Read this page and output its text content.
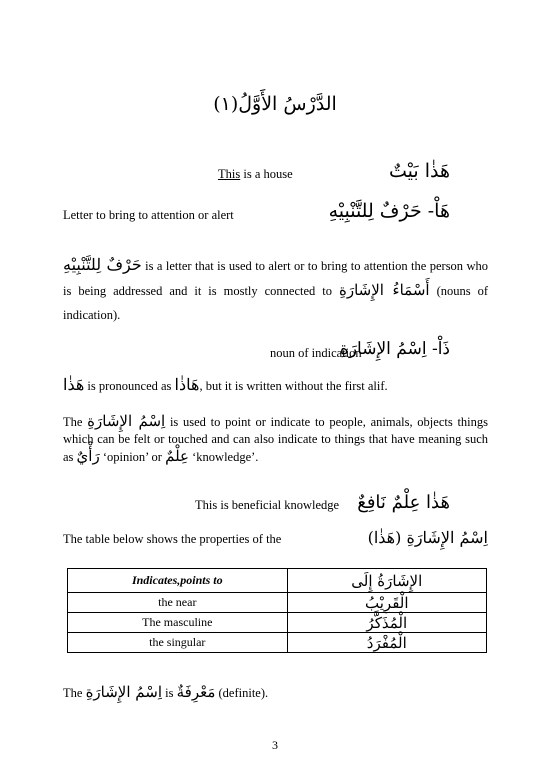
الدَّرْسُ الأَوَّلُ(١)
This is a house	هَذٰا بَيْتٌ
Letter to bring to attention or alert	هَاْ- حَرْفٌ لِلتَّنْبِيْهِ
حَرْفٌ لِلتَّنْبِيْهِ is a letter that is used to alert or to bring to attention the person who is being addressed and it is mostly connected to أَسْمَاءُ الإِشَارَةِ (nouns of indication).
noun of indication
ذَاْ- اِسْمُ الإِشَارَةِ
هَذٰا is pronounced as هَاذٰا, but it is written without the first alif.
The اِسْمُ الإِشَارَةِ is used to point or indicate to people, animals, objects things which can be felt or touched and can also indicate to things that have meaning such as رَأْيٌ ‘opinion’ or عِلْمٌ ‘knowledge’.
This is beneficial knowledge هَذٰا عِلْمٌ نَافِعٌ
The table below shows the properties of the	اِسْمُ الإِشَارَةِ (هَذٰا)
Indicates,points to	الإِشَارَةُ إِلَى
the near	الْقَرِيْبُ
The masculine	الْمُذَكَّرُ
the singular	الْمُفْرَدُ
The اِسْمُ الإِشَارَةِ is مَعْرِفَةٌ (definite).
3
